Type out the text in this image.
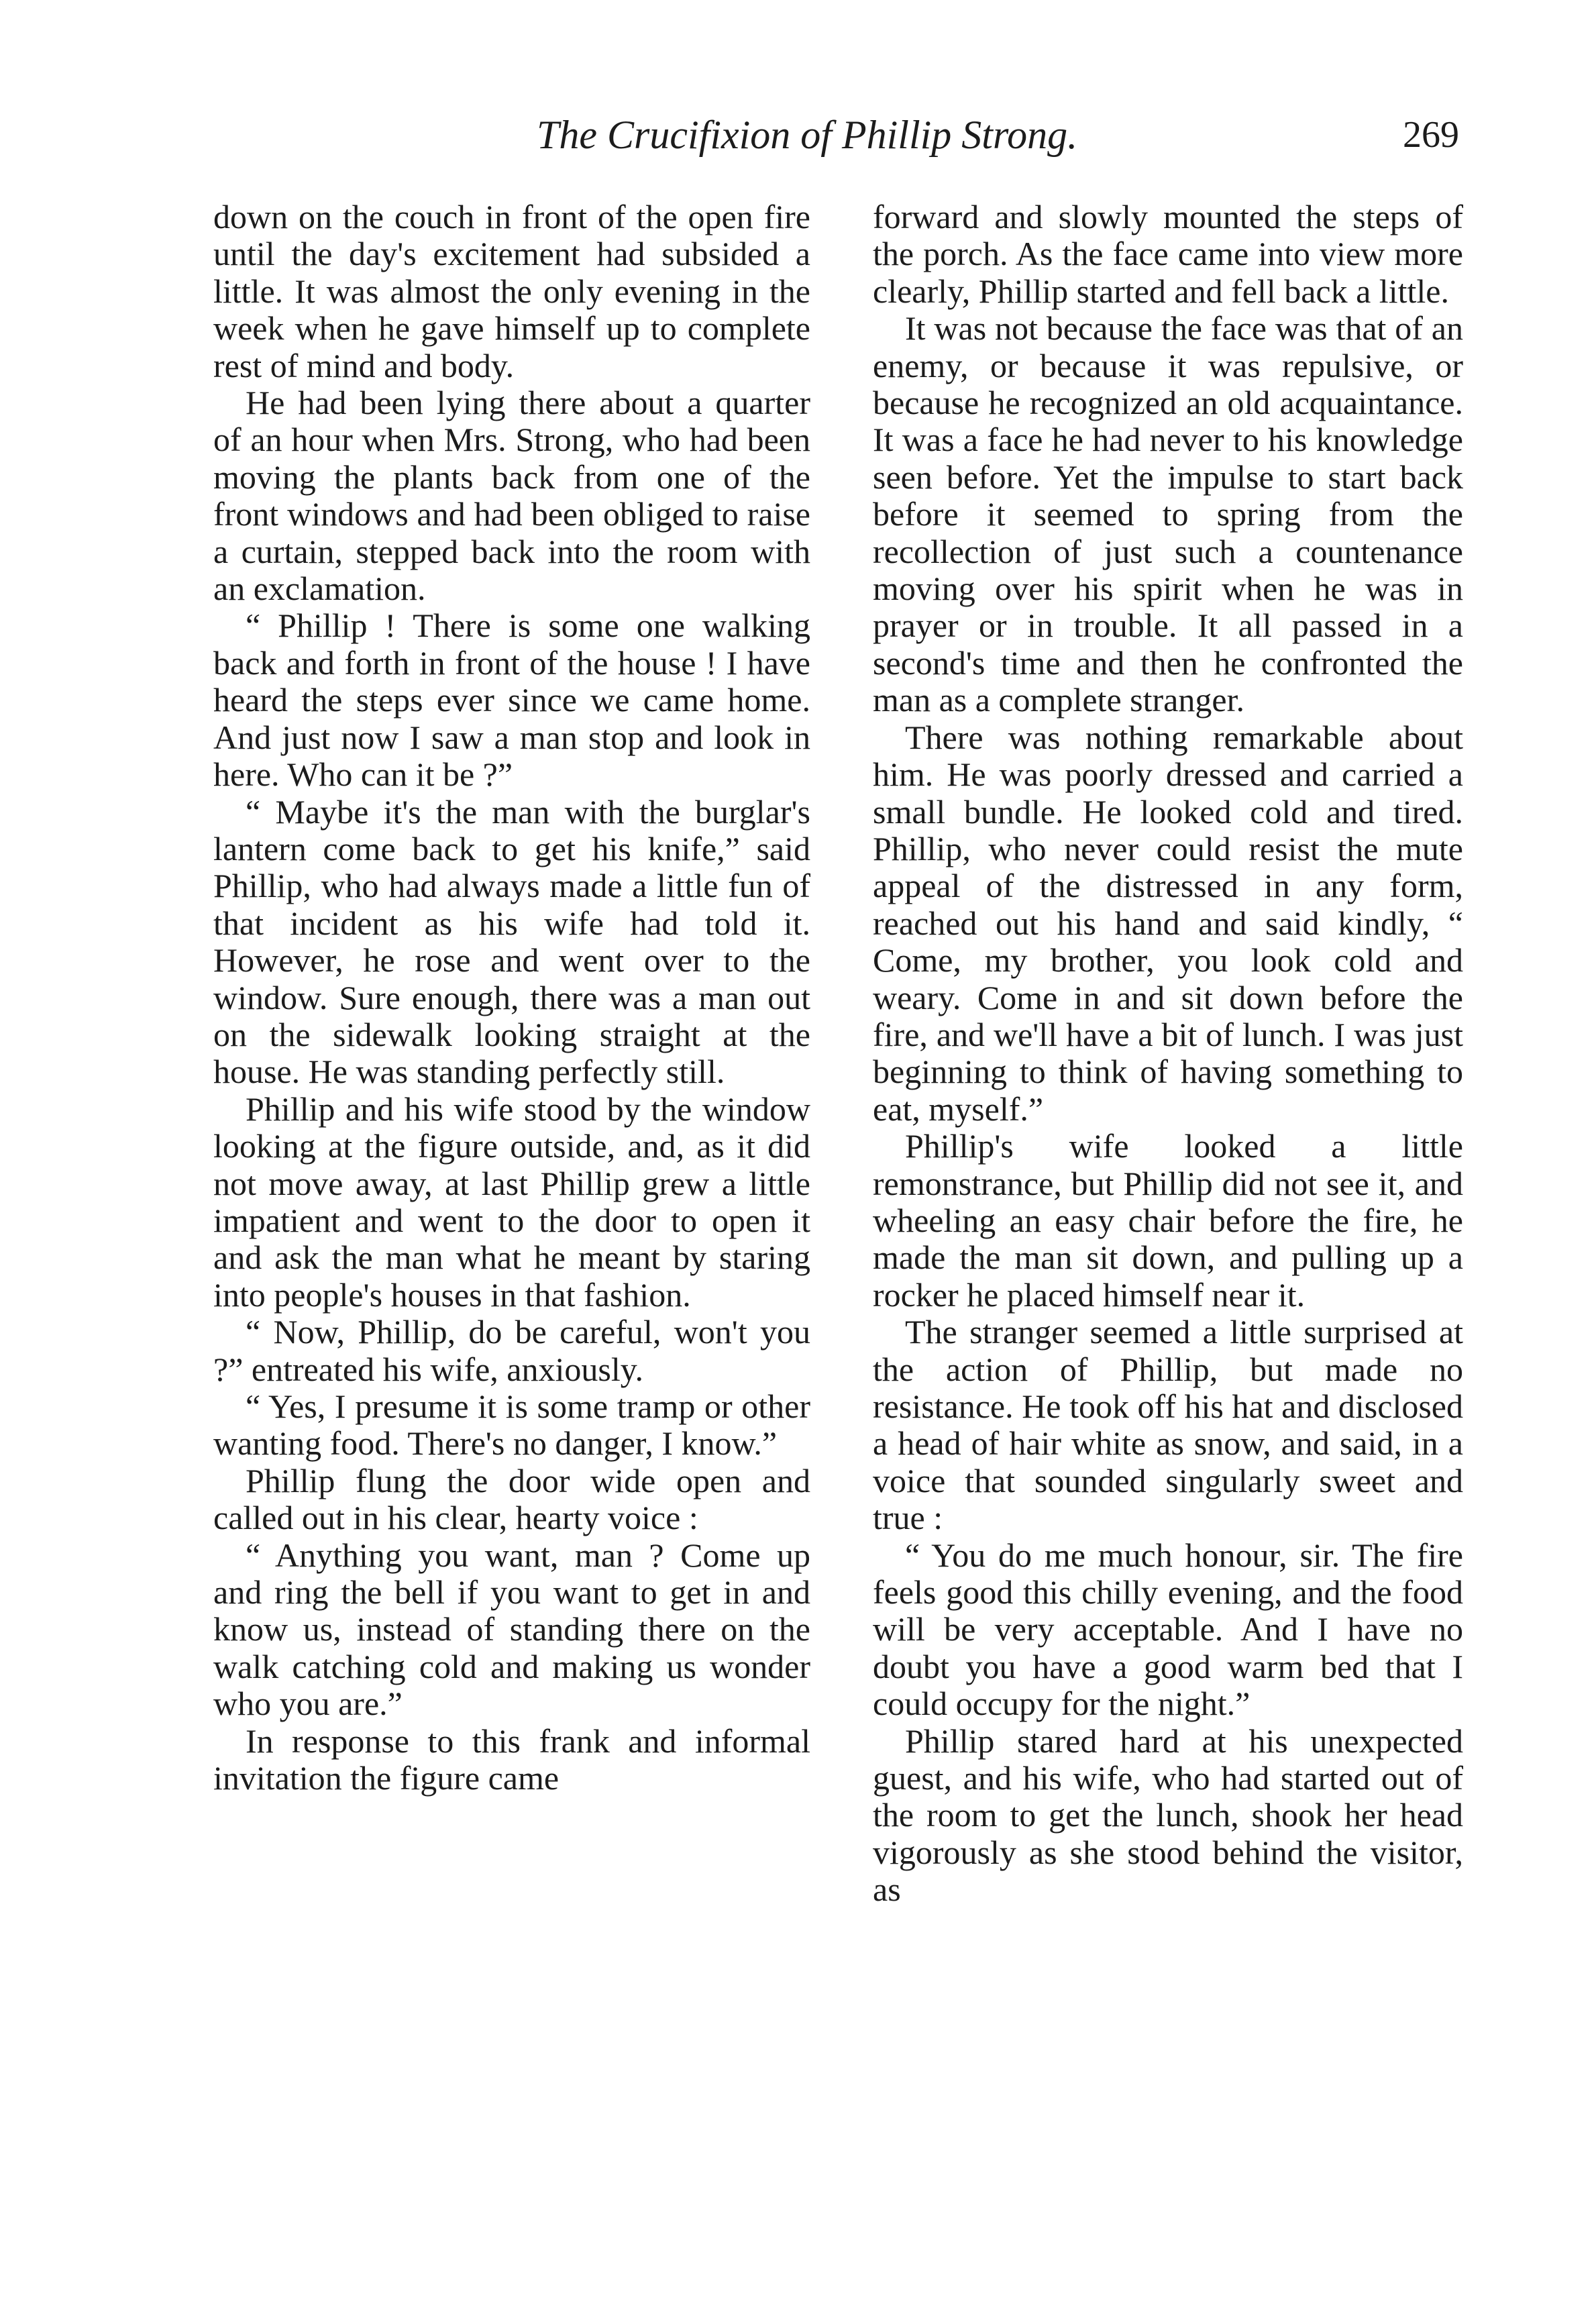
The Crucifixion of Phillip Strong.	269

down on the couch in front of the open fire until the day's excitement had subsided a little. It was almost the only evening in the week when he gave himself up to complete rest of mind and body.

He had been lying there about a quarter of an hour when Mrs. Strong, who had been moving the plants back from one of the front windows and had been obliged to raise a curtain, stepped back into the room with an exclamation.

“ Phillip ! There is some one walking back and forth in front of the house ! I have heard the steps ever since we came home. And just now I saw a man stop and look in here. Who can it be ?”

“ Maybe it's the man with the burglar's lantern come back to get his knife,” said Phillip, who had always made a little fun of that incident as his wife had told it. However, he rose and went over to the window. Sure enough, there was a man out on the sidewalk looking straight at the house. He was standing perfectly still.

Phillip and his wife stood by the window looking at the figure outside, and, as it did not move away, at last Phillip grew a little impatient and went to the door to open it and ask the man what he meant by staring into people's houses in that fashion.

“ Now, Phillip, do be careful, won't you ?” entreated his wife, anxiously.

“ Yes, I presume it is some tramp or other wanting food. There's no danger, I know.”

Phillip flung the door wide open and called out in his clear, hearty voice :

“ Anything you want, man ? Come up and ring the bell if you want to get in and know us, instead of standing there on the walk catching cold and making us wonder who you are.”

In response to this frank and informal invitation the figure came

forward and slowly mounted the steps of the porch. As the face came into view more clearly, Phillip started and fell back a little.

It was not because the face was that of an enemy, or because it was repulsive, or because he recognized an old acquaintance. It was a face he had never to his knowledge seen before. Yet the impulse to start back before it seemed to spring from the recollection of just such a countenance moving over his spirit when he was in prayer or in trouble. It all passed in a second's time and then he confronted the man as a complete stranger.

There was nothing remarkable about him. He was poorly dressed and carried a small bundle. He looked cold and tired. Phillip, who never could resist the mute appeal of the distressed in any form, reached out his hand and said kindly, “ Come, my brother, you look cold and weary. Come in and sit down before the fire, and we'll have a bit of lunch. I was just beginning to think of having something to eat, myself.”

Phillip's wife looked a little remonstrance, but Phillip did not see it, and wheeling an easy chair before the fire, he made the man sit down, and pulling up a rocker he placed himself near it.

The stranger seemed a little surprised at the action of Phillip, but made no resistance. He took off his hat and disclosed a head of hair white as snow, and said, in a voice that sounded singularly sweet and true :

“ You do me much honour, sir. The fire feels good this chilly evening, and the food will be very acceptable. And I have no doubt you have a good warm bed that I could occupy for the night.”

Phillip stared hard at his unexpected guest, and his wife, who had started out of the room to get the lunch, shook her head vigorously as she stood behind the visitor, as
